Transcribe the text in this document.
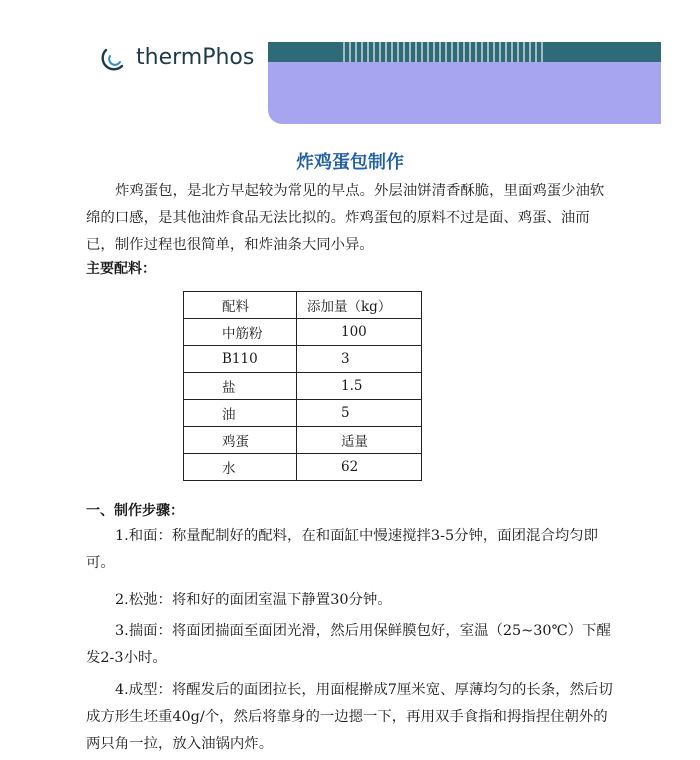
thermPhos
炸鸡蛋包制作

炸鸡蛋包，是北方早起较为常见的早点。外层油饼清香酥脆，里面鸡蛋少油软绵的口感，是其他油炸食品无法比拟的。炸鸡蛋包的原料不过是面、鸡蛋、油而已，制作过程也很简单，和炸油条大同小异。

主要配料：

配料	添加量（kg）
中筋粉	100
B110	3
盐	1.5
油	5
鸡蛋	适量
水	62

一、制作步骤：

1.和面：称量配制好的配料，在和面缸中慢速搅拌3-5分钟，面团混合均匀即可。

2.松弛：将和好的面团室温下静置30分钟。

3.揣面：将面团揣面至面团光滑，然后用保鲜膜包好，室温（25~30℃）下醒发2-3小时。

4.成型：将醒发后的面团拉长，用面棍擀成7厘米宽、厚薄均匀的长条，然后切成方形生坯重40g/个，然后将靠身的一边摁一下，再用双手食指和拇指捏住朝外的两只角一拉，放入油锅内炸。
